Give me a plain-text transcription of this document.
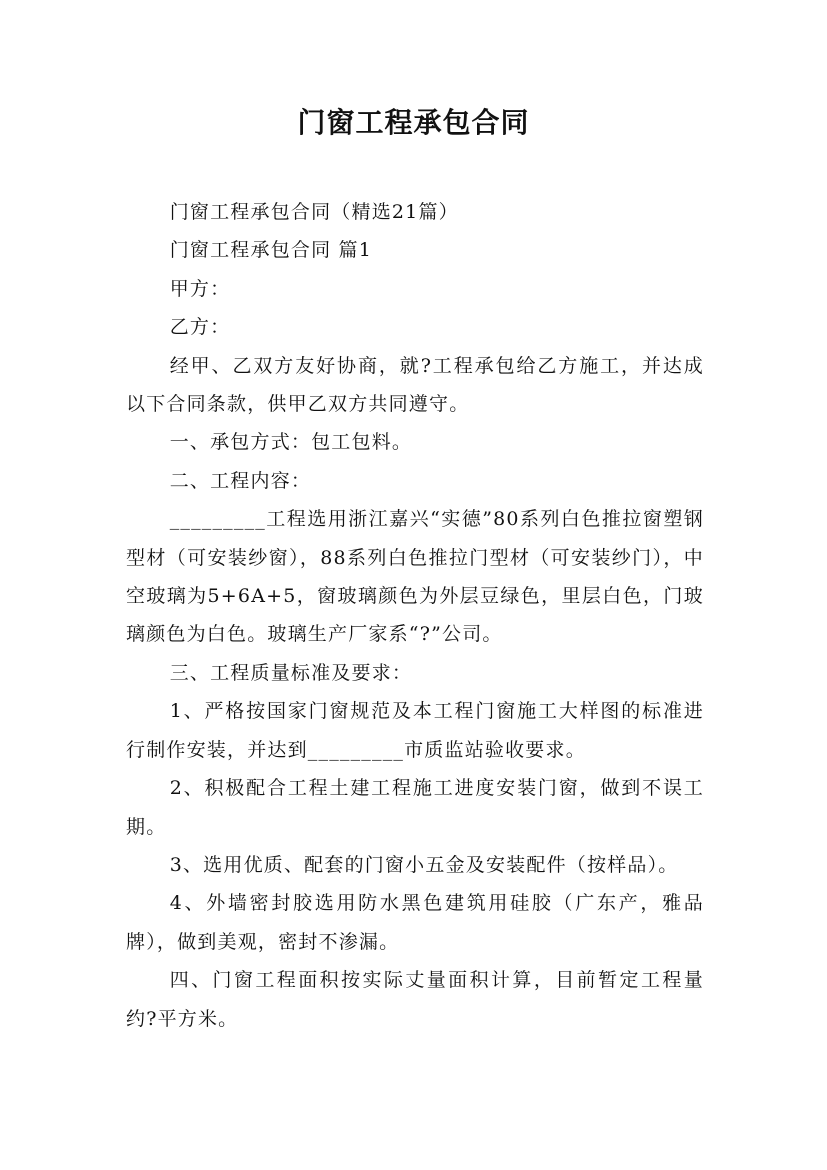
门窗工程承包合同

门窗工程承包合同（精选21篇）

门窗工程承包合同 篇1

甲方：

乙方：

经甲、乙双方友好协商，就?工程承包给乙方施工，并达成以下合同条款，供甲乙双方共同遵守。

一、承包方式：包工包料。

二、工程内容：

_________工程选用浙江嘉兴“实德”80系列白色推拉窗塑钢型材（可安装纱窗），88系列白色推拉门型材（可安装纱门），中空玻璃为5+6A+5，窗玻璃颜色为外层豆绿色，里层白色，门玻璃颜色为白色。玻璃生产厂家系“?”公司。

三、工程质量标准及要求：

1、严格按国家门窗规范及本工程门窗施工大样图的标准进行制作安装，并达到_________市质监站验收要求。

2、积极配合工程土建工程施工进度安装门窗，做到不误工期。

3、选用优质、配套的门窗小五金及安装配件（按样品）。

4、外墙密封胶选用防水黑色建筑用硅胶（广东产，雅品牌），做到美观，密封不渗漏。

四、门窗工程面积按实际丈量面积计算，目前暂定工程量约?平方米。
